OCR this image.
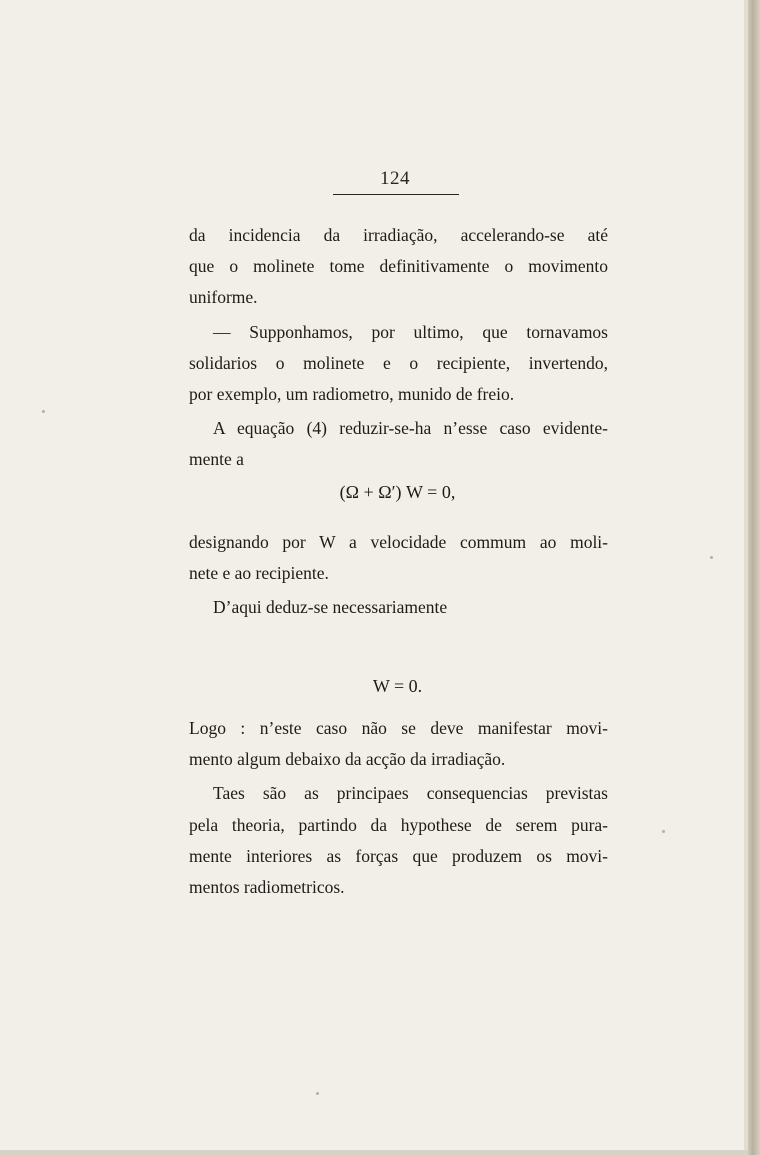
124
da incidencia da irradiação, accelerando-se até
que o molinete tome definitivamente o movimento
uniforme.
— Supponhamos, por ultimo, que tornavamos
solidarios o molinete e o recipiente, invertendo,
por exemplo, um radiometro, munido de freio.
A equação (4) reduzir-se-ha n’esse caso evidente-
mente a
designando por W a velocidade commum ao moli-
nete e ao recipiente.
D’aqui deduz-se necessariamente
Logo : n’este caso não se deve manifestar movi-
mento algum debaixo da acção da irradiação.
Taes são as principaes consequencias previstas
pela theoria, partindo da hypothese de serem pura-
mente interiores as forças que produzem os movi-
mentos radiometricos.
(Ω + Ω′) W = 0,
W = 0.
